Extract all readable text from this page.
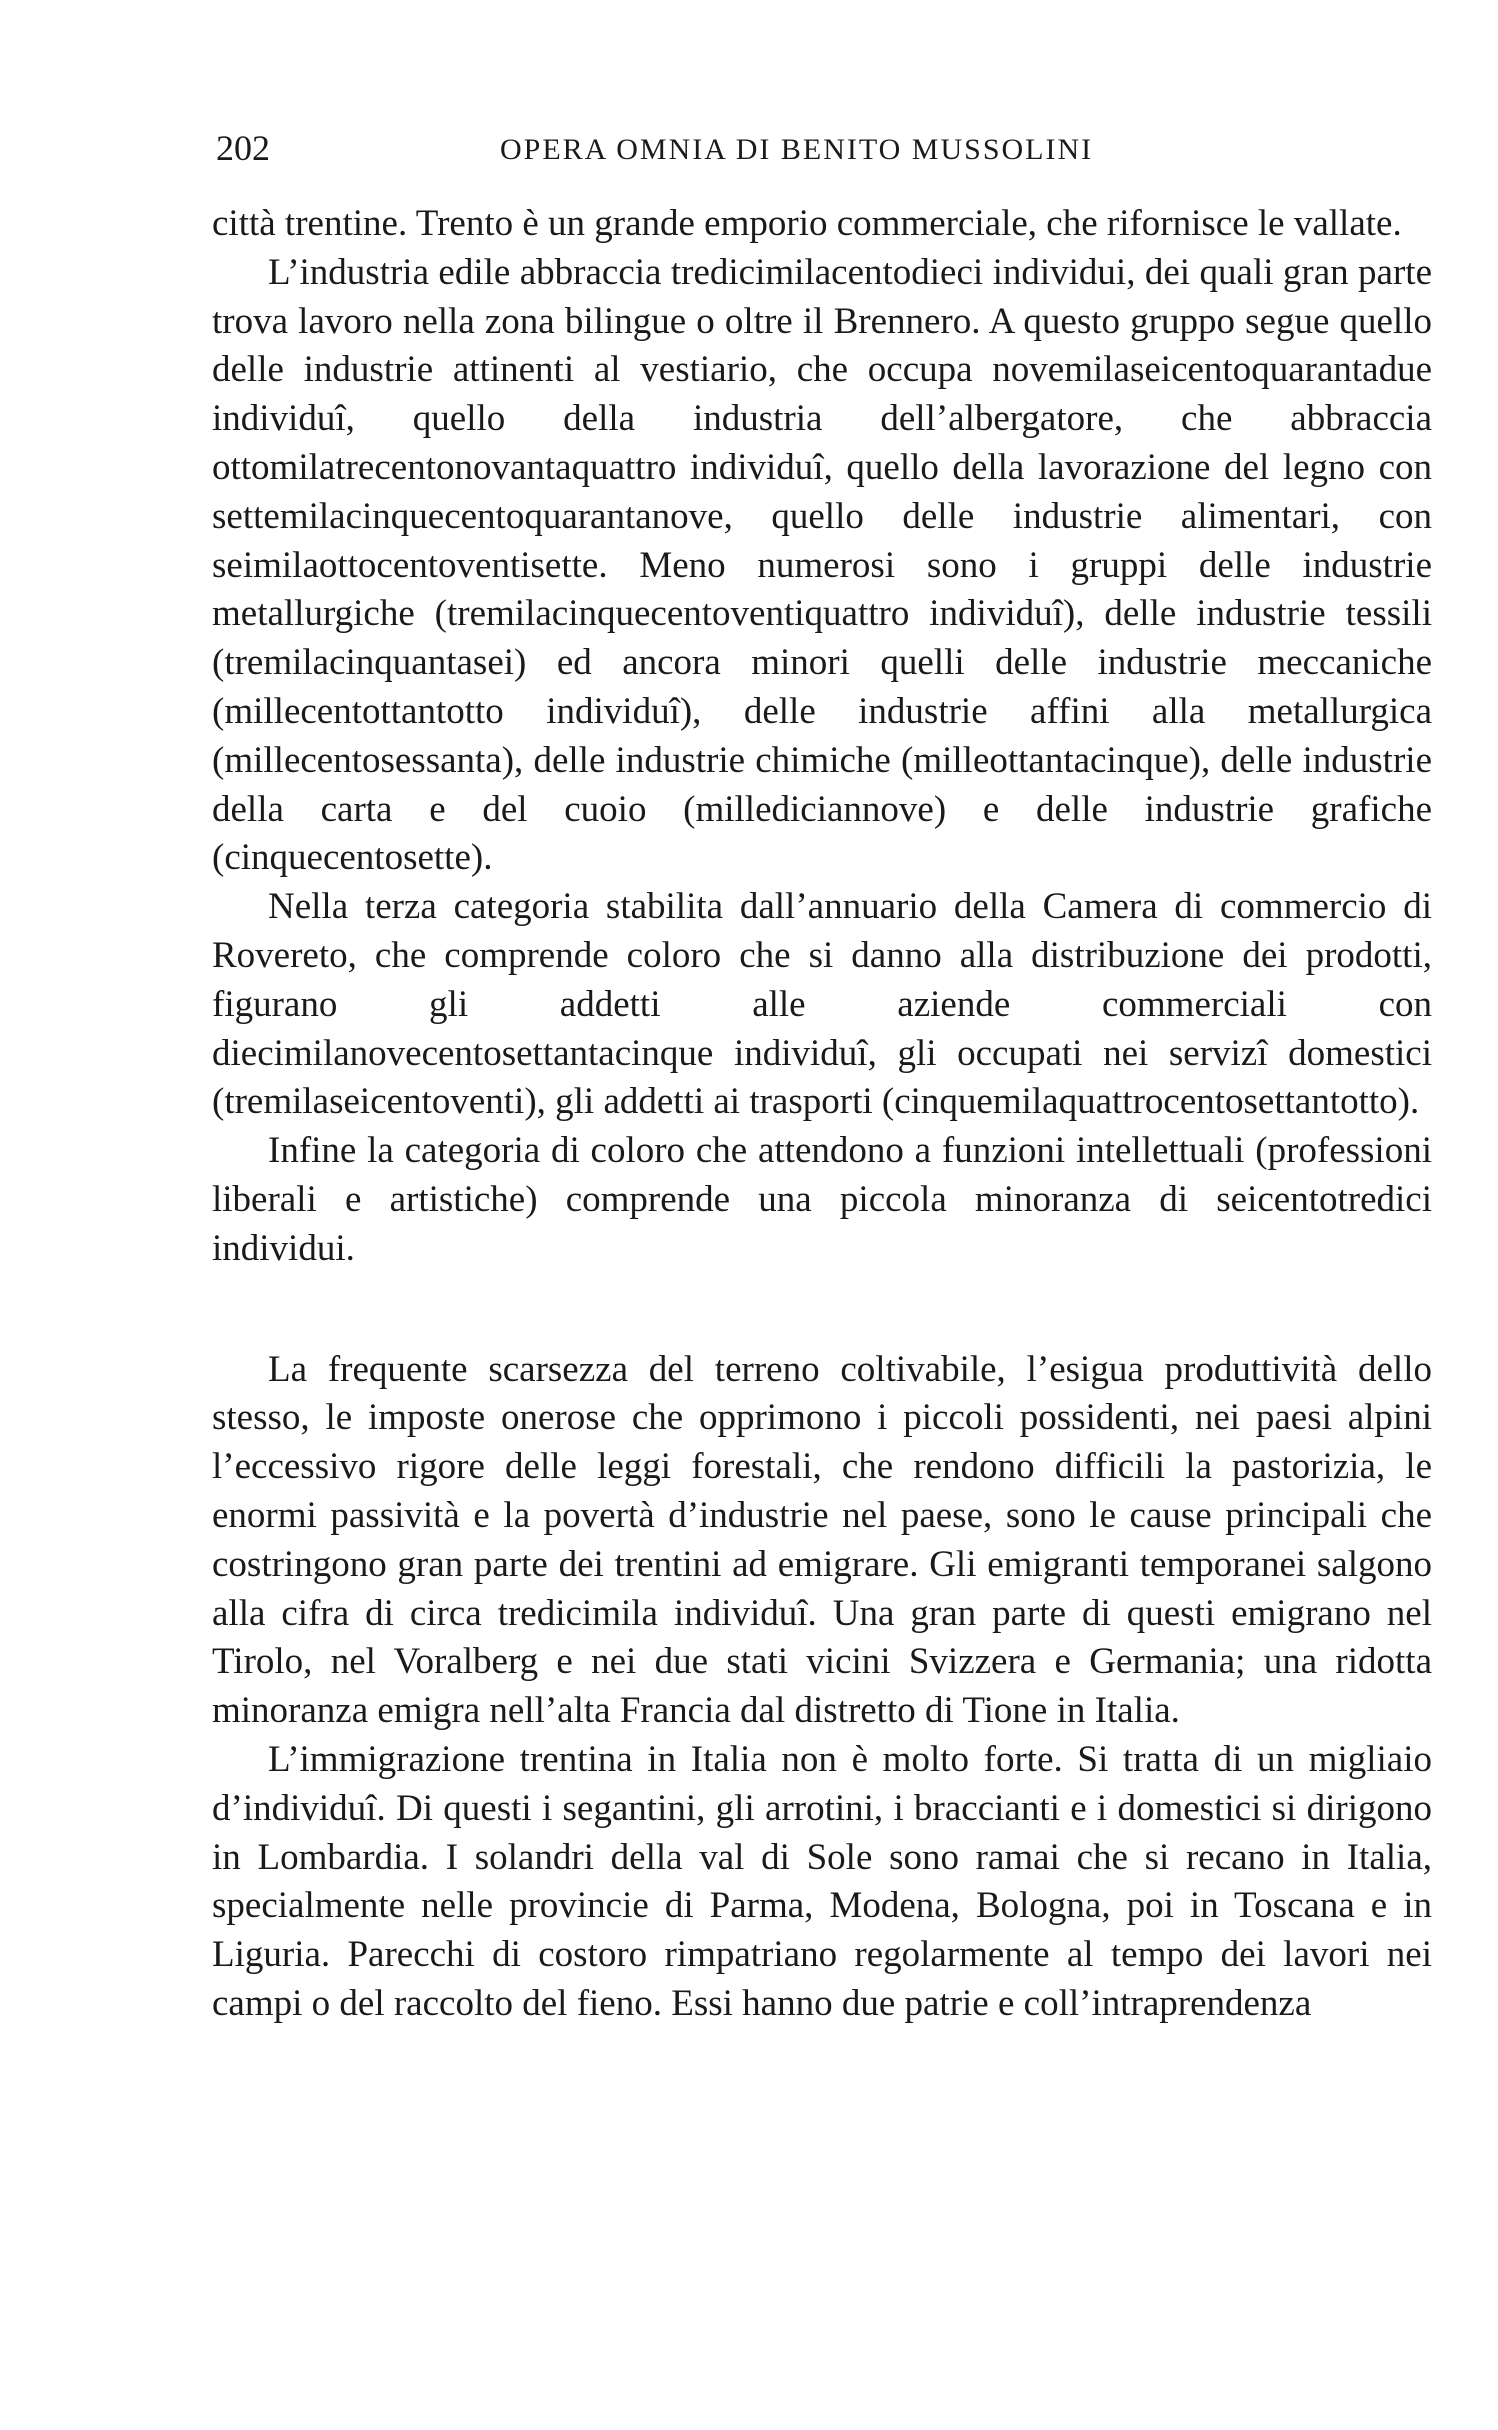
202	OPERA OMNIA DI BENITO MUSSOLINI

città trentine. Trento è un grande emporio commerciale, che rifornisce le vallate.

L’industria edile abbraccia tredicimilacentodieci individui, dei quali gran parte trova lavoro nella zona bilingue o oltre il Brennero. A questo gruppo segue quello delle industrie attinenti al vestiario, che occupa novemilaseicentoquarantadue individuî, quello della industria dell’albergatore, che abbraccia ottomilatrecentonovantaquattro individuî, quello della lavorazione del legno con settemilacinquecentoquarantanove, quello delle industrie alimentari, con seimilaottocentoventisette. Meno numerosi sono i gruppi delle industrie metallurgiche (tremilacinquecentoventiquattro individuî), delle industrie tessili (tremilacinquantasei) ed ancora minori quelli delle industrie meccaniche (millecentottantotto individuî), delle industrie affini alla metallurgica (millecentosessanta), delle industrie chimiche (milleottantacinque), delle industrie della carta e del cuoio (millediciannove) e delle industrie grafiche (cinquecentosette).

Nella terza categoria stabilita dall’annuario della Camera di commercio di Rovereto, che comprende coloro che si danno alla distribuzione dei prodotti, figurano gli addetti alle aziende commerciali con diecimilanovecentosettantacinque individuî, gli occupati nei servizî domestici (tremilaseicentoventi), gli addetti ai trasporti (cinquemilaquattrocentosettantotto).

Infine la categoria di coloro che attendono a funzioni intellettuali (professioni liberali e artistiche) comprende una piccola minoranza di seicentotredici individui.

La frequente scarsezza del terreno coltivabile, l’esigua produttività dello stesso, le imposte onerose che opprimono i piccoli possidenti, nei paesi alpini l’eccessivo rigore delle leggi forestali, che rendono difficili la pastorizia, le enormi passività e la povertà d’industrie nel paese, sono le cause principali che costringono gran parte dei trentini ad emigrare. Gli emigranti temporanei salgono alla cifra di circa tredicimila individuî. Una gran parte di questi emigrano nel Tirolo, nel Voralberg e nei due stati vicini Svizzera e Germania; una ridotta minoranza emigra nell’alta Francia dal distretto di Tione in Italia.

L’immigrazione trentina in Italia non è molto forte. Si tratta di un migliaio d’individuî. Di questi i segantini, gli arrotini, i braccianti e i domestici si dirigono in Lombardia. I solandri della val di Sole sono ramai che si recano in Italia, specialmente nelle provincie di Parma, Modena, Bologna, poi in Toscana e in Liguria. Parecchi di costoro rimpatriano regolarmente al tempo dei lavori nei campi o del raccolto del fieno. Essi hanno due patrie e coll’intraprendenza
